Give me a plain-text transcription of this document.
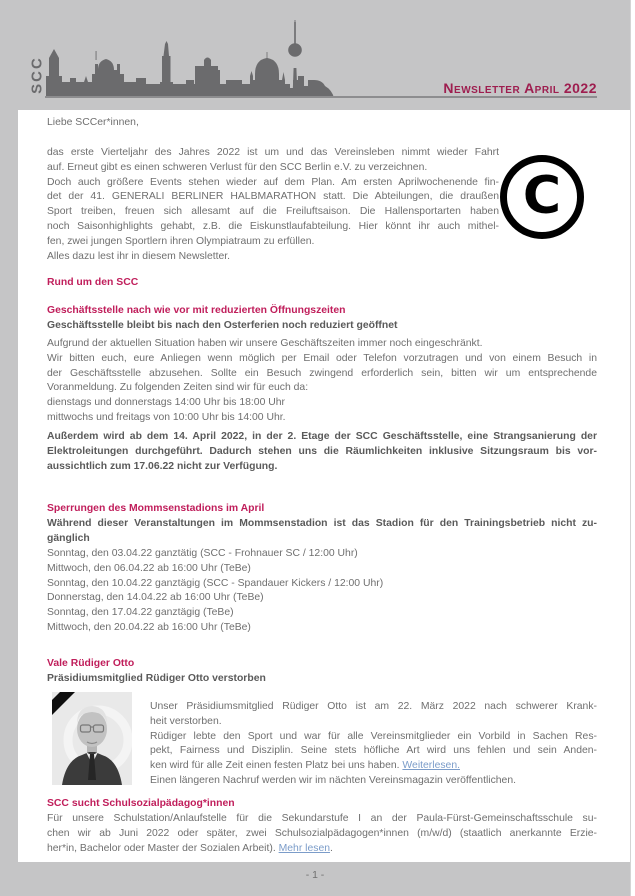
SCC	Newsletter April 2022
C
Liebe SCCer*innen,
das erste Vierteljahr des Jahres 2022 ist um und das Vereinsleben nimmt wieder Fahrt
auf. Erneut gibt es einen schweren Verlust für den SCC Berlin e.V. zu verzeichnen.
Doch auch größere Events stehen wieder auf dem Plan. Am ersten Aprilwochenende fin-
det der 41. GENERALI BERLINER HALBMARATHON statt. Die Abteilungen, die draußen
Sport treiben, freuen sich allesamt auf die Freiluftsaison. Die Hallensportarten haben
noch Saisonhighlights gehabt, z.B. die Eiskunstlaufabteilung. Hier könnt ihr auch mithel-
fen, zwei jungen Sportlern ihren Olympiatraum zu erfüllen.
Alles dazu lest ihr in diesem Newsletter.
Rund um den SCC
Geschäftsstelle nach wie vor mit reduzierten Öffnungszeiten
Geschäftsstelle bleibt bis nach den Osterferien noch reduziert geöffnet
Aufgrund der aktuellen Situation haben wir unsere Geschäftszeiten immer noch eingeschränkt.
Wir bitten euch, eure Anliegen wenn möglich per Email oder Telefon vorzutragen und von einem Besuch in
der Geschäftsstelle abzusehen. Sollte ein Besuch zwingend erforderlich sein, bitten wir um entsprechende
Voranmeldung. Zu folgenden Zeiten sind wir für euch da:
dienstags und donnerstags 14:00 Uhr bis 18:00 Uhr
mittwochs und freitags von 10:00 Uhr bis 14:00 Uhr.
Außerdem wird ab dem 14. April 2022, in der 2. Etage der SCC Geschäftsstelle, eine Strangsanierung der
Elektroleitungen durchgeführt. Dadurch stehen uns die Räumlichkeiten inklusive Sitzungsraum bis vor-
aussichtlich zum 17.06.22 nicht zur Verfügung.
Sperrungen des Mommsenstadions im April
Während dieser Veranstaltungen im Mommsenstadion ist das Stadion für den Trainingsbetrieb nicht zu-
gänglich
Sonntag, den 03.04.22 ganztätig (SCC - Frohnauer SC / 12:00 Uhr)
Mittwoch, den 06.04.22 ab 16:00 Uhr (TeBe)
Sonntag, den 10.04.22 ganztägig (SCC - Spandauer Kickers / 12:00 Uhr)
Donnerstag, den 14.04.22 ab 16:00 Uhr (TeBe)
Sonntag, den 17.04.22 ganztägig (TeBe)
Mittwoch, den 20.04.22 ab 16:00 Uhr (TeBe)
Vale Rüdiger Otto
Präsidiumsmitglied Rüdiger Otto verstorben
Unser Präsidiumsmitglied Rüdiger Otto ist am 22. März 2022 nach schwerer Krank-
heit verstorben.
Rüdiger lebte den Sport und war für alle Vereinsmitglieder ein Vorbild in Sachen Res-
pekt, Fairness und Disziplin. Seine stets höfliche Art wird uns fehlen und sein Anden-
ken wird für alle Zeit einen festen Platz bei uns haben. Weiterlesen.
Einen längeren Nachruf werden wir im nächten Vereinsmagazin veröffentlichen.
SCC sucht Schulsozialpädagog*innen
Für unsere Schulstation/Anlaufstelle für die Sekundarstufe I an der Paula-Fürst-Gemeinschaftsschule su-
chen wir ab Juni 2022 oder später, zwei Schulsozialpädagogen*innen (m/w/d) (staatlich anerkannte Erzie-
her*in, Bachelor oder Master der Sozialen Arbeit). Mehr lesen.
- 1 -
